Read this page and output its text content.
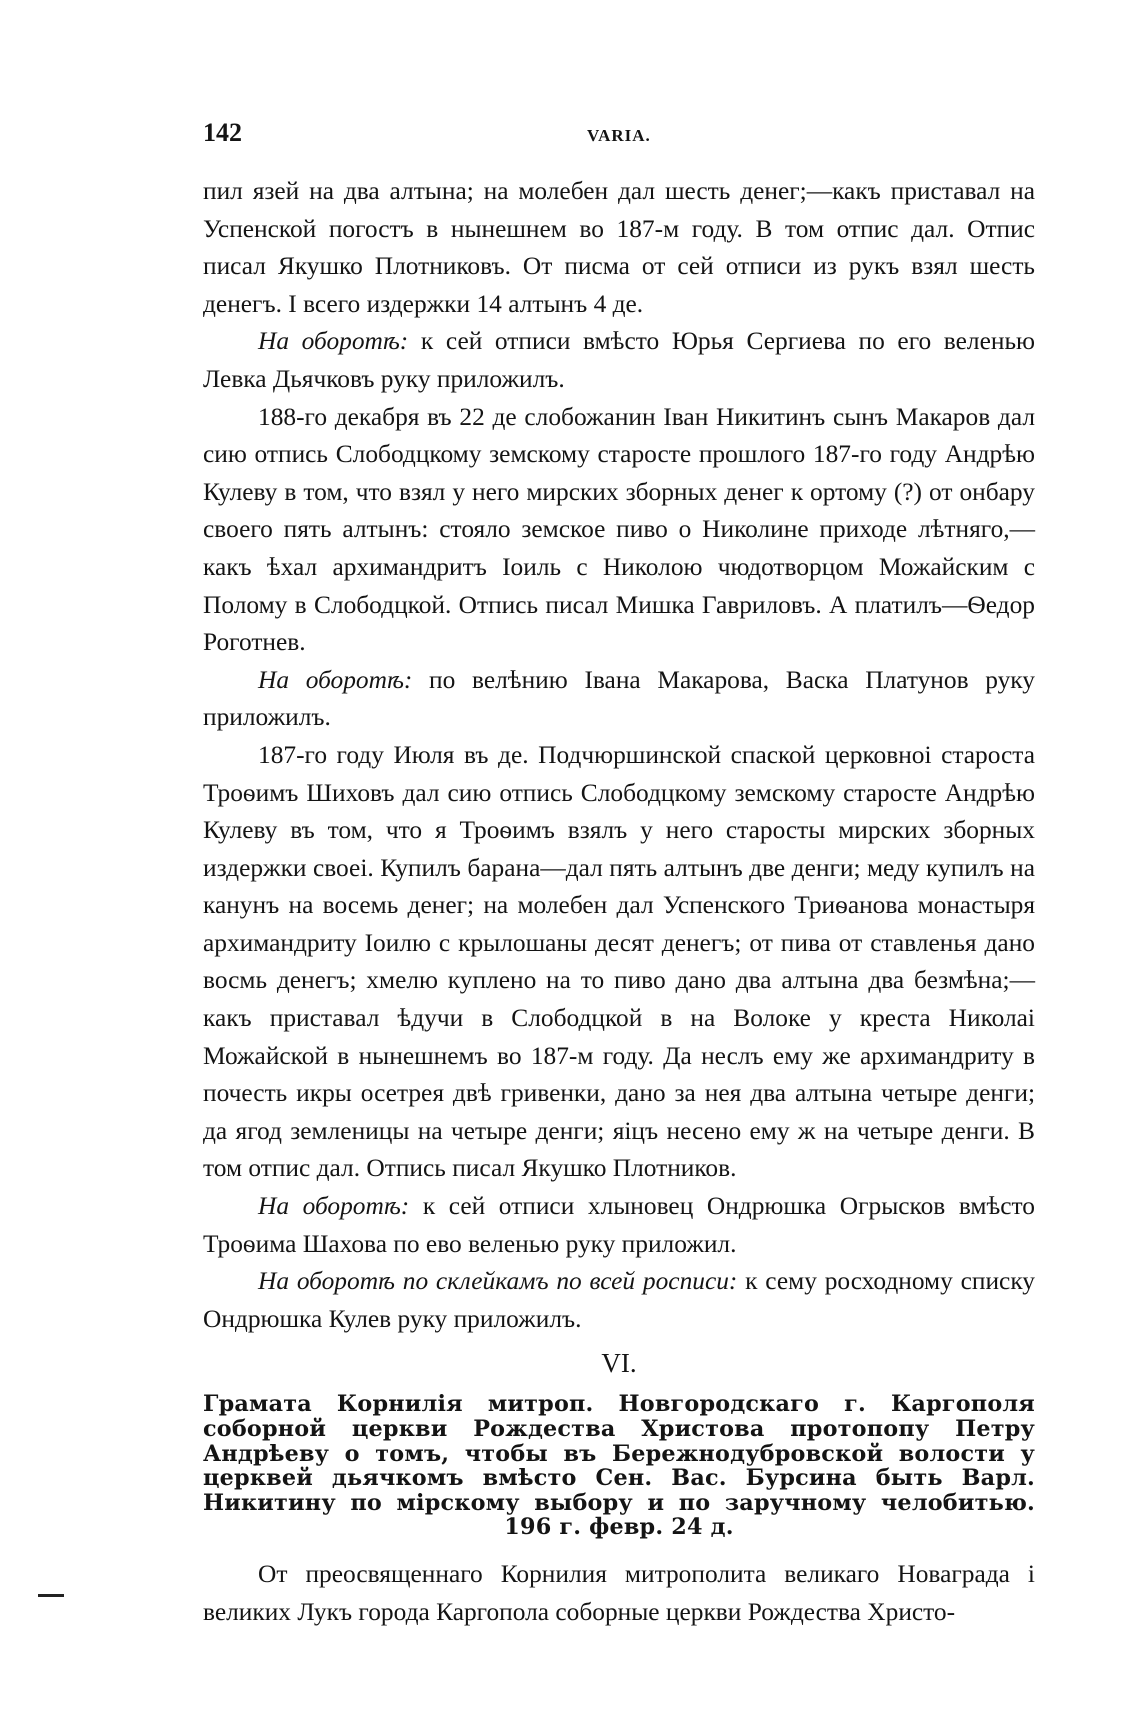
142	VARIA.

пил язей на два алтына; на молебен дал шесть денег;—какъ приставал на Успенской погостъ в нынешнем во 187-м году. В том отпис дал. Отпис писал Якушко Плотниковъ. От писма от сей отписи из рукъ взял шесть денегъ. I всего издержки 14 алтынъ 4 де.

На оборотѣ: к сей отписи вмѣсто Юрья Сергиева по его веленью Левка Дьячковъ руку приложилъ.

188-го декабря въ 22 де слобожанин Iван Никитинъ сынъ Макаров дал сию отпись Слободцкому земскому старосте прошлого 187-го году Андрѣю Кулеву в том, что взял у него мирских зборных денег к ортому (?) от онбару своего пять алтынъ: стояло земское пиво о Николине приходе лѣтняго,—какъ ѣхал архимандритъ Iоиль с Николою чюдотворцом Можайским с Полому в Слободцкой. Отпись писал Мишка Гавриловъ. А платилъ—Ѳедор Роготнев.

На оборотѣ: по велѣнию Iвана Макарова, Васка Платунов руку приложилъ.

187-го году Июля въ де. Подчюршинской спаской церковноi староста Троѳимъ Шиховъ дал сию отпись Слободцкому земскому старосте Андрѣю Кулеву въ том, что я Троѳимъ взялъ у него старосты мирских зборных издержки своеi. Купилъ барана—дал пять алтынъ две денги; меду купилъ на канунъ на восемь денег; на молебен дал Успенского Триѳанова монастыря архимандриту Iоилю с крылошаны десят денегъ; от пива от ставленья дано восмь денегъ; хмелю куплено на то пиво дано два алтына два безмѣна;—какъ приставал ѣдучи в Слободцкой в на Волоке у креста Николаi Можайской в нынешнемъ во 187-м году. Да неслъ ему же архимандриту в почесть икры осетрея двѣ гривенки, дано за нея два алтына четыре денги; да ягод земленицы на четыре денги; яiцъ несено ему ж на четыре денги. В том отпис дал. Отпись писал Якушко Плотников.

На оборотѣ: к сей отписи хлыновец Ондрюшка Огрысков вмѣсто Троѳима Шахова по ево веленью руку приложил.

На оборотѣ по склейкамъ по всей росписи: к сему росходному списку Ондрюшка Кулев руку приложилъ.

VI.
Грамата Корнилія митроп. Новгородскаго г. Каргополя соборной церкви Рождества Христова протопопу Петру Андрѣеву о томъ, чтобы въ Бережнодубровской волости у церквей дьячкомъ вмѣсто Сен. Вас. Бурсина быть Варл. Никитину по мірскому выбору и по заручному челобитью. 196 г. февр. 24 д.

От преосвященнаго Корнилия митрополита великаго Новаграда i великих Лукъ города Каргопола соборные церкви Рождества Христо-
